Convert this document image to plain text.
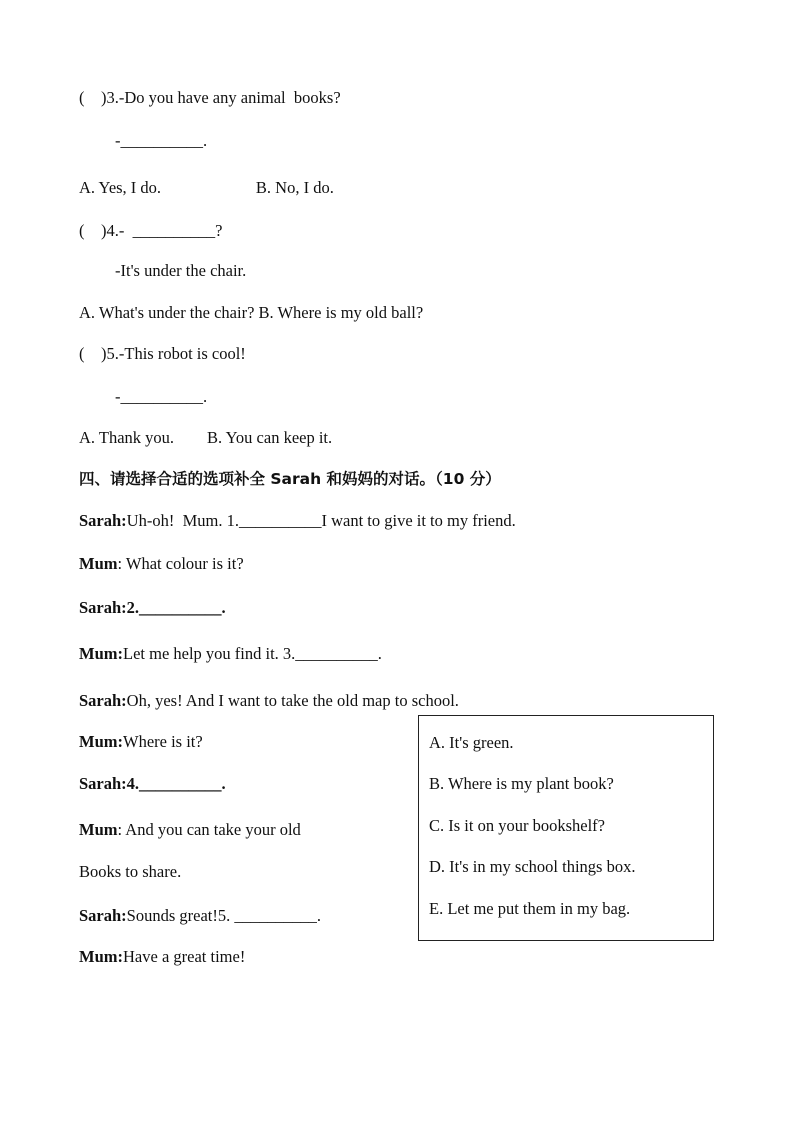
(    )3.-Do you have any animal  books?
-__________.
A. Yes, I do.                       B. No, I do.
(    )4.-  __________?
-It's under the chair.
A. What's under the chair? B. Where is my old ball?
(    )5.-This robot is cool!
-__________.
A. Thank you.        B. You can keep it.
四、请选择合适的选项补全 Sarah 和妈妈的对话。（10 分）
Sarah:Uh-oh!  Mum. 1.__________I want to give it to my friend.
Mum: What colour is it?
Sarah:2.__________.
Mum:Let me help you find it. 3.__________.
Sarah:Oh, yes! And I want to take the old map to school.
Mum:Where is it?
Sarah:4.__________.
Mum: And you can take your old
Books to share.
Sarah:Sounds great!5. __________.
Mum:Have a great time!
A. It's green.
B. Where is my plant book?
C. Is it on your bookshelf?
D. It's in my school things box.
E. Let me put them in my bag.
